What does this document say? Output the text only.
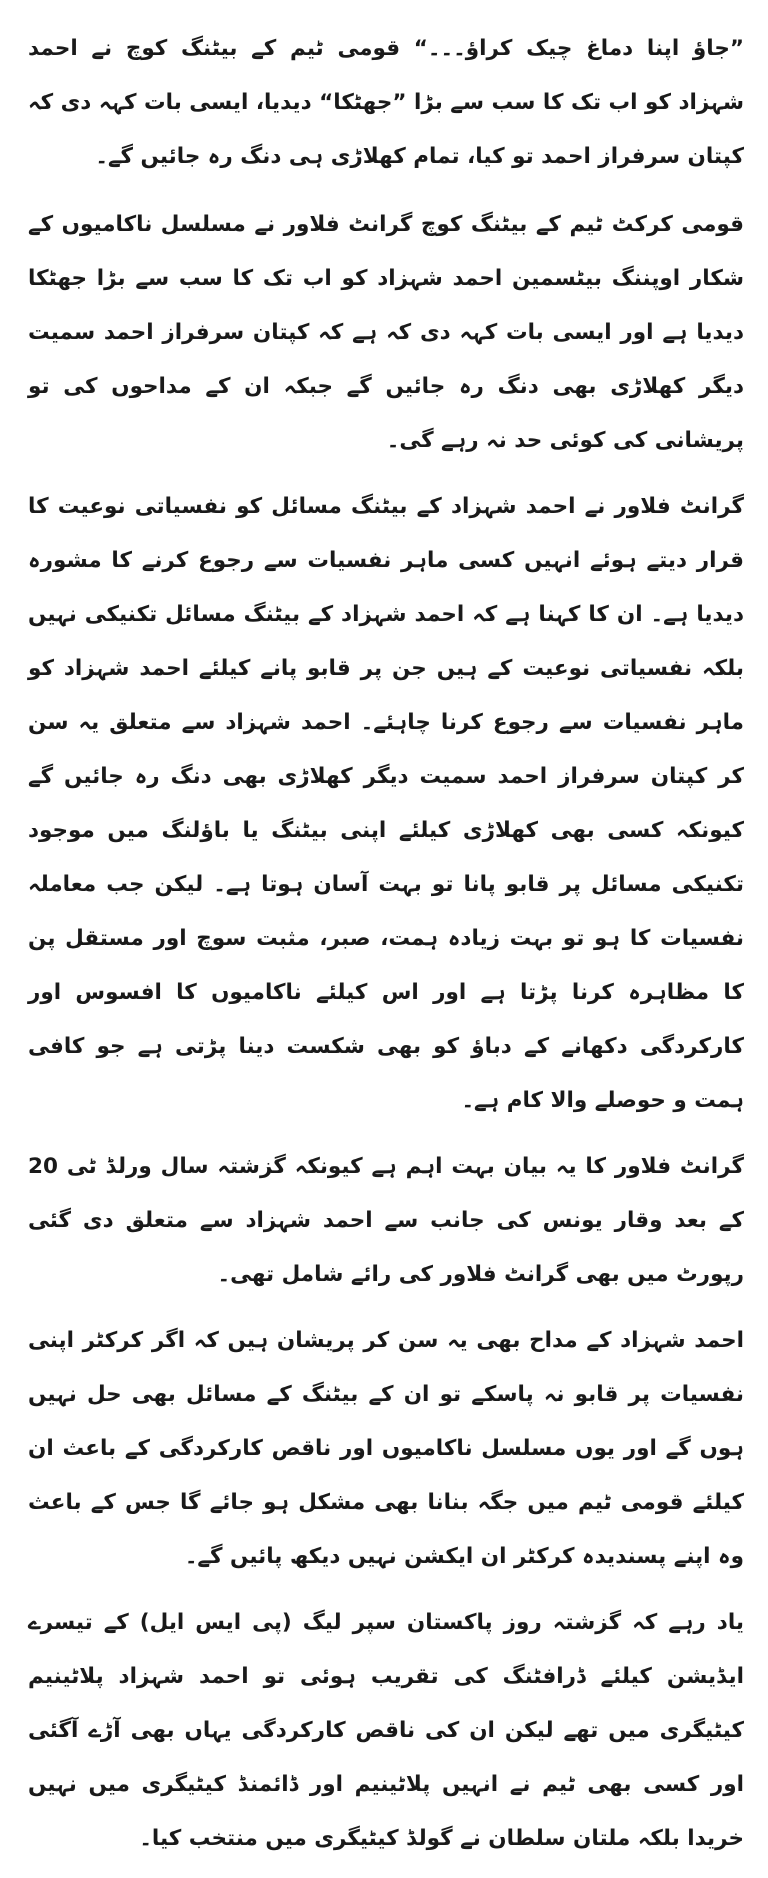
”جاؤ اپنا دماغ چیک کراؤ۔۔۔“ قومی ٹیم کے بیٹنگ کوچ نے احمد شہزاد کو اب تک کا سب سے بڑا ”جھٹکا“ دیدیا، ایسی بات کہہ دی کہ کپتان سرفراز احمد تو کیا، تمام کھلاڑی ہی دنگ رہ جائیں گے۔

قومی کرکٹ ٹیم کے بیٹنگ کوچ گرانٹ فلاور نے مسلسل ناکامیوں کے شکار اوپننگ بیٹسمین احمد شہزاد کو اب تک کا سب سے بڑا جھٹکا دیدیا ہے اور ایسی بات کہہ دی کہ ہے کہ کپتان سرفراز احمد سمیت دیگر کھلاڑی بھی دنگ رہ جائیں گے جبکہ ان کے مداحوں کی تو پریشانی کی کوئی حد نہ رہے گی۔

گرانٹ فلاور نے احمد شہزاد کے بیٹنگ مسائل کو نفسیاتی نوعیت کا قرار دیتے ہوئے انہیں کسی ماہر نفسیات سے رجوع کرنے کا مشورہ دیدیا ہے۔ ان کا کہنا ہے کہ احمد شہزاد کے بیٹنگ مسائل تکنیکی نہیں بلکہ نفسیاتی نوعیت کے ہیں جن پر قابو پانے کیلئے احمد شہزاد کو ماہر نفسیات سے رجوع کرنا چاہئے۔ احمد شہزاد سے متعلق یہ سن کر کپتان سرفراز احمد سمیت دیگر کھلاڑی بھی دنگ رہ جائیں گے کیونکہ کسی بھی کھلاڑی کیلئے اپنی بیٹنگ یا باؤلنگ میں موجود تکنیکی مسائل پر قابو پانا تو بہت آسان ہوتا ہے۔ لیکن جب معاملہ نفسیات کا ہو تو بہت زیادہ ہمت، صبر، مثبت سوچ اور مستقل پن کا مظاہرہ کرنا پڑتا ہے اور اس کیلئے ناکامیوں کا افسوس اور کارکردگی دکھانے کے دباؤ کو بھی شکست دینا پڑتی ہے جو کافی ہمت و حوصلے والا کام ہے۔

گرانٹ فلاور کا یہ بیان بہت اہم ہے کیونکہ گزشتہ سال ورلڈ ٹی 20 کے بعد وقار یونس کی جانب سے احمد شہزاد سے متعلق دی گئی رپورٹ میں بھی گرانٹ فلاور کی رائے شامل تھی۔

احمد شہزاد کے مداح بھی یہ سن کر پریشان ہیں کہ اگر کرکٹر اپنی نفسیات پر قابو نہ پاسکے تو ان کے بیٹنگ کے مسائل بھی حل نہیں ہوں گے اور یوں مسلسل ناکامیوں اور ناقص کارکردگی کے باعث ان کیلئے قومی ٹیم میں جگہ بنانا بھی مشکل ہو جائے گا جس کے باعث وہ اپنے پسندیدہ کرکٹر ان ایکشن نہیں دیکھ پائیں گے۔

یاد رہے کہ گزشتہ روز پاکستان سپر لیگ (پی ایس ایل) کے تیسرے ایڈیشن کیلئے ڈرافٹنگ کی تقریب ہوئی تو احمد شہزاد پلاٹینیم کیٹیگری میں تھے لیکن ان کی ناقص کارکردگی یہاں بھی آڑے آگئی اور کسی بھی ٹیم نے انہیں پلاٹینیم اور ڈائمنڈ کیٹیگری میں نہیں خریدا بلکہ ملتان سلطان نے گولڈ کیٹیگری میں منتخب کیا۔
